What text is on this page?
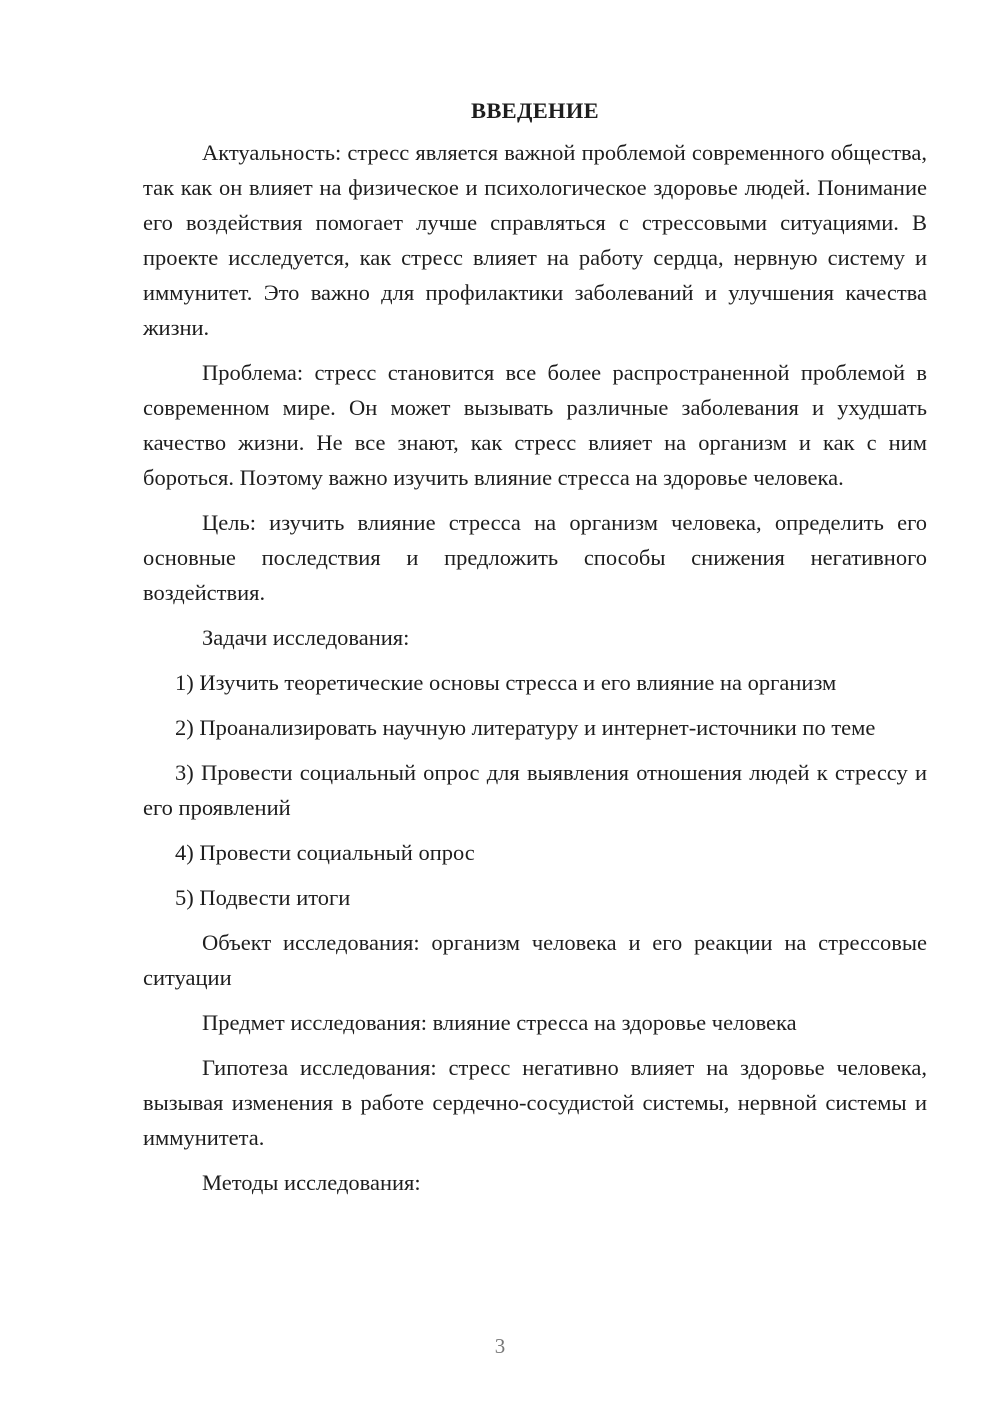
ВВЕДЕНИЕ

Актуальность: стресс является важной проблемой современного общества, так как он влияет на физическое и психологическое здоровье людей. Понимание его воздействия помогает лучше справляться с стрессовыми ситуациями. В проекте исследуется, как стресс влияет на работу сердца, нервную систему и иммунитет. Это важно для профилактики заболеваний и улучшения качества жизни.

Проблема: стресс становится все более распространенной проблемой в современном мире. Он может вызывать различные заболевания и ухудшать качество жизни. Не все знают, как стресс влияет на организм и как с ним бороться. Поэтому важно изучить влияние стресса на здоровье человека.

Цель: изучить влияние стресса на организм человека, определить его основные последствия и предложить способы снижения негативного воздействия.

Задачи исследования:

1) Изучить теоретические основы стресса и его влияние на организм

2) Проанализировать научную литературу и интернет-источники по теме

3) Провести социальный опрос для выявления отношения людей к стрессу и его проявлений

4) Провести социальный опрос

5) Подвести итоги

Объект исследования: организм человека и его реакции на стрессовые ситуации

Предмет исследования: влияние стресса на здоровье человека

Гипотеза исследования: стресс негативно влияет на здоровье человека, вызывая изменения в работе сердечно-сосудистой системы, нервной системы и иммунитета.

Методы исследования:

3
